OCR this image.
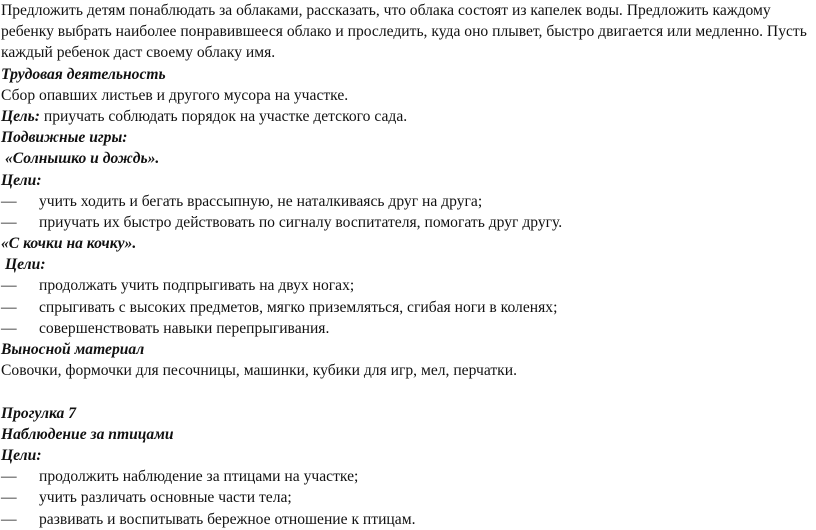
Предложить детям понаблюдать за облаками, рассказать, что облака состоят из капелек воды. Предложить каждому ребенку выбрать наиболее понравившееся облако и проследить, куда оно плывет, быстро двигается или медленно. Пусть каждый ребенок даст своему облаку имя.
Трудовая деятельность
Сбор опавших листьев и другого мусора на участке.
Цель: приучать соблюдать порядок на участке детского сада.
Подвижные игры:
«Солнышко и дождь».
Цели:
—	учить ходить и бегать врассыпную, не наталкиваясь друг на друга;
—	приучать их быстро действовать по сигналу воспитателя, помогать друг другу.
«С кочки на кочку».
Цели:
—	продолжать учить подпрыгивать на двух ногах;
—	спрыгивать с высоких предметов, мягко приземляться, сгибая ноги в коленях;
—	совершенствовать навыки перепрыгивания.
Выносной материал
Совочки, формочки для песочницы, машинки, кубики для игр, мел, перчатки.
Прогулка 7
Наблюдение за птицами
Цели:
—	продолжить наблюдение за птицами на участке;
—	учить различать основные части тела;
—	развивать и воспитывать бережное отношение к птицам.
